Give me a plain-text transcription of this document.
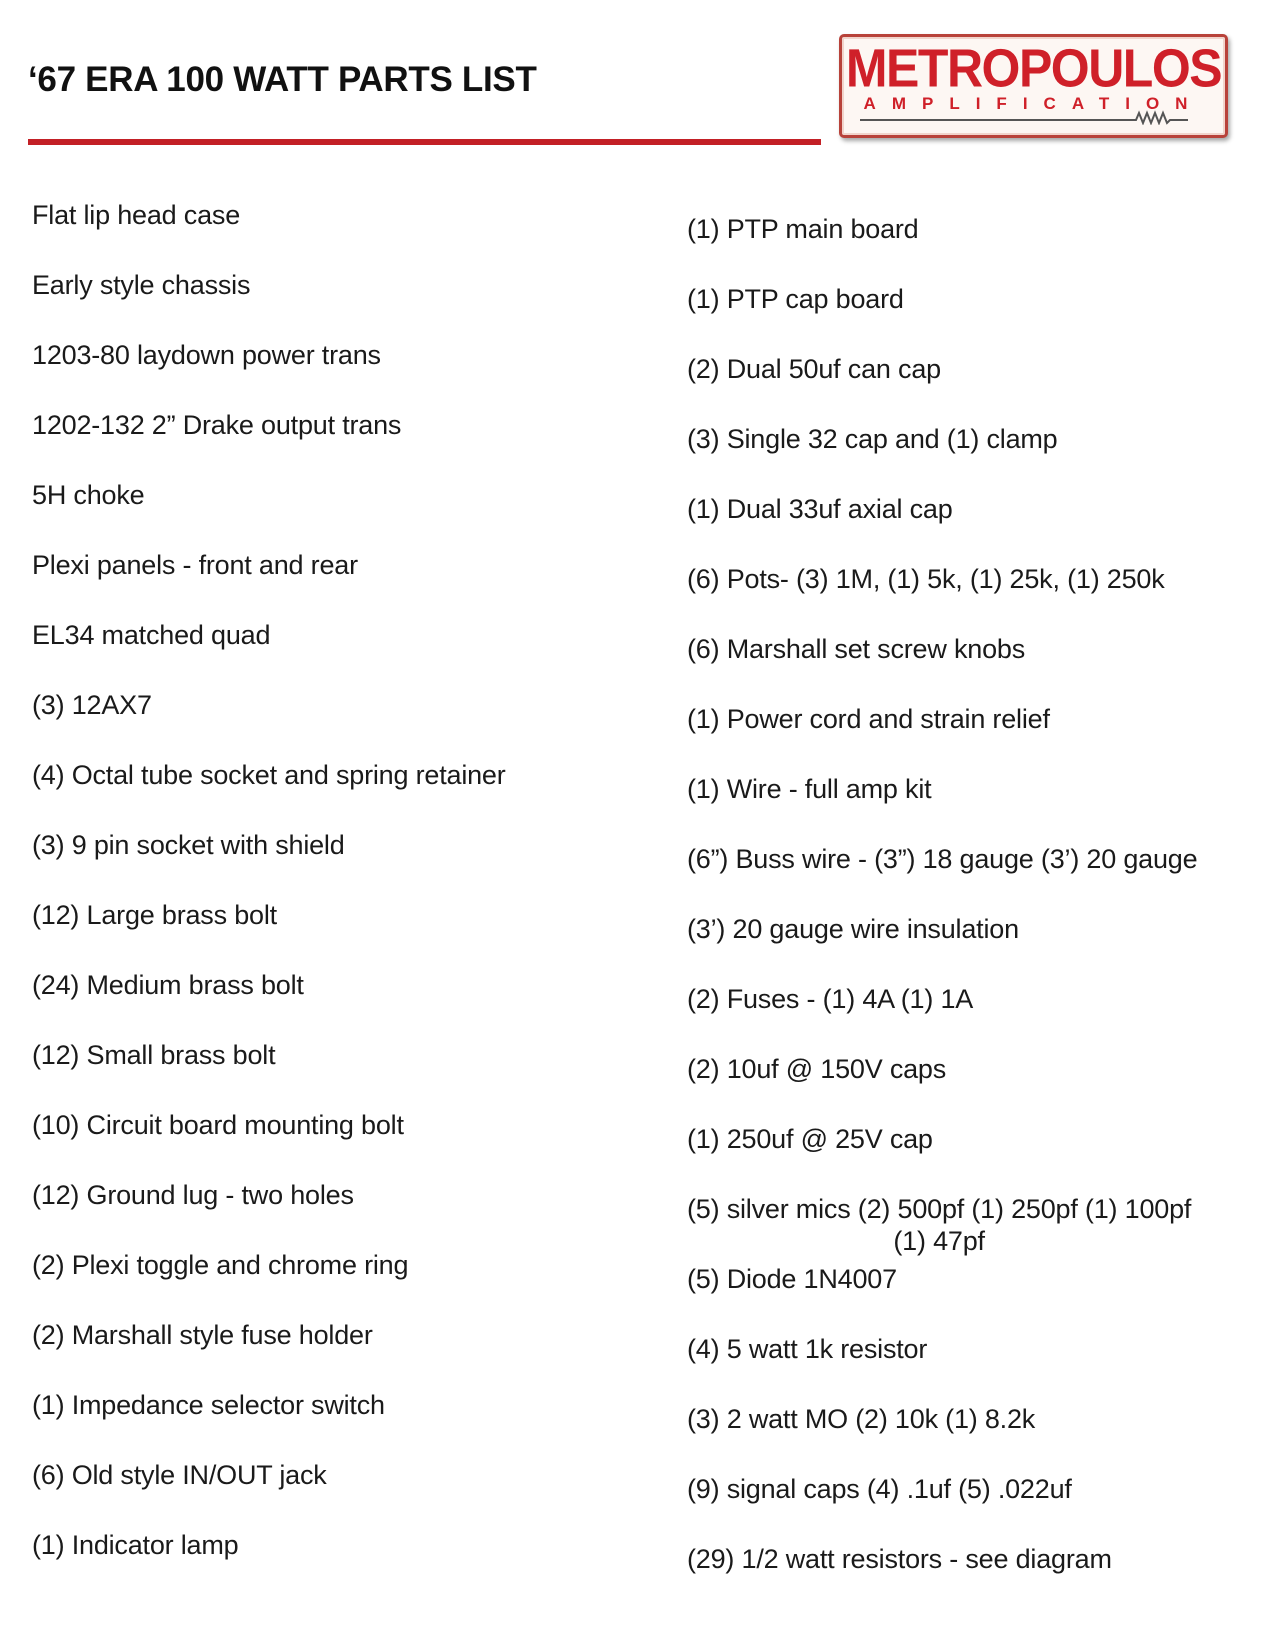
‘67 ERA 100 WATT PARTS LIST	METROPOULOS
AMPLIFICATION
Flat lip head case
Early style chassis
1203-80 laydown power trans
1202-132 2” Drake output trans
5H choke
Plexi panels - front and rear
EL34 matched quad
(3) 12AX7
(4) Octal tube socket and spring retainer
(3) 9 pin socket with shield
(12) Large brass bolt
(24) Medium brass bolt
(12) Small brass bolt
(10) Circuit board mounting bolt
(12) Ground lug - two holes
(2) Plexi toggle and chrome ring
(2) Marshall style fuse holder
(1) Impedance selector switch
(6) Old style IN/OUT jack
(1) Indicator lamp
(1) PTP main board
(1) PTP cap board
(2) Dual 50uf can cap
(3) Single 32 cap and (1) clamp
(1) Dual 33uf axial cap
(6) Pots- (3) 1M, (1) 5k, (1) 25k, (1) 250k
(6) Marshall set screw knobs
(1) Power cord and strain relief
(1) Wire - full amp kit
(6”) Buss wire - (3”) 18 gauge (3’) 20 gauge
(3’) 20 gauge wire insulation
(2) Fuses - (1) 4A (1) 1A
(2) 10uf @ 150V caps
(1) 250uf @ 25V cap
(5) silver mics (2) 500pf (1) 250pf (1) 100pf
(1) 47pf
(5) Diode 1N4007
(4) 5 watt 1k resistor
(3) 2 watt MO (2) 10k (1) 8.2k
(9) signal caps (4) .1uf (5) .022uf
(29) 1/2 watt resistors - see diagram
